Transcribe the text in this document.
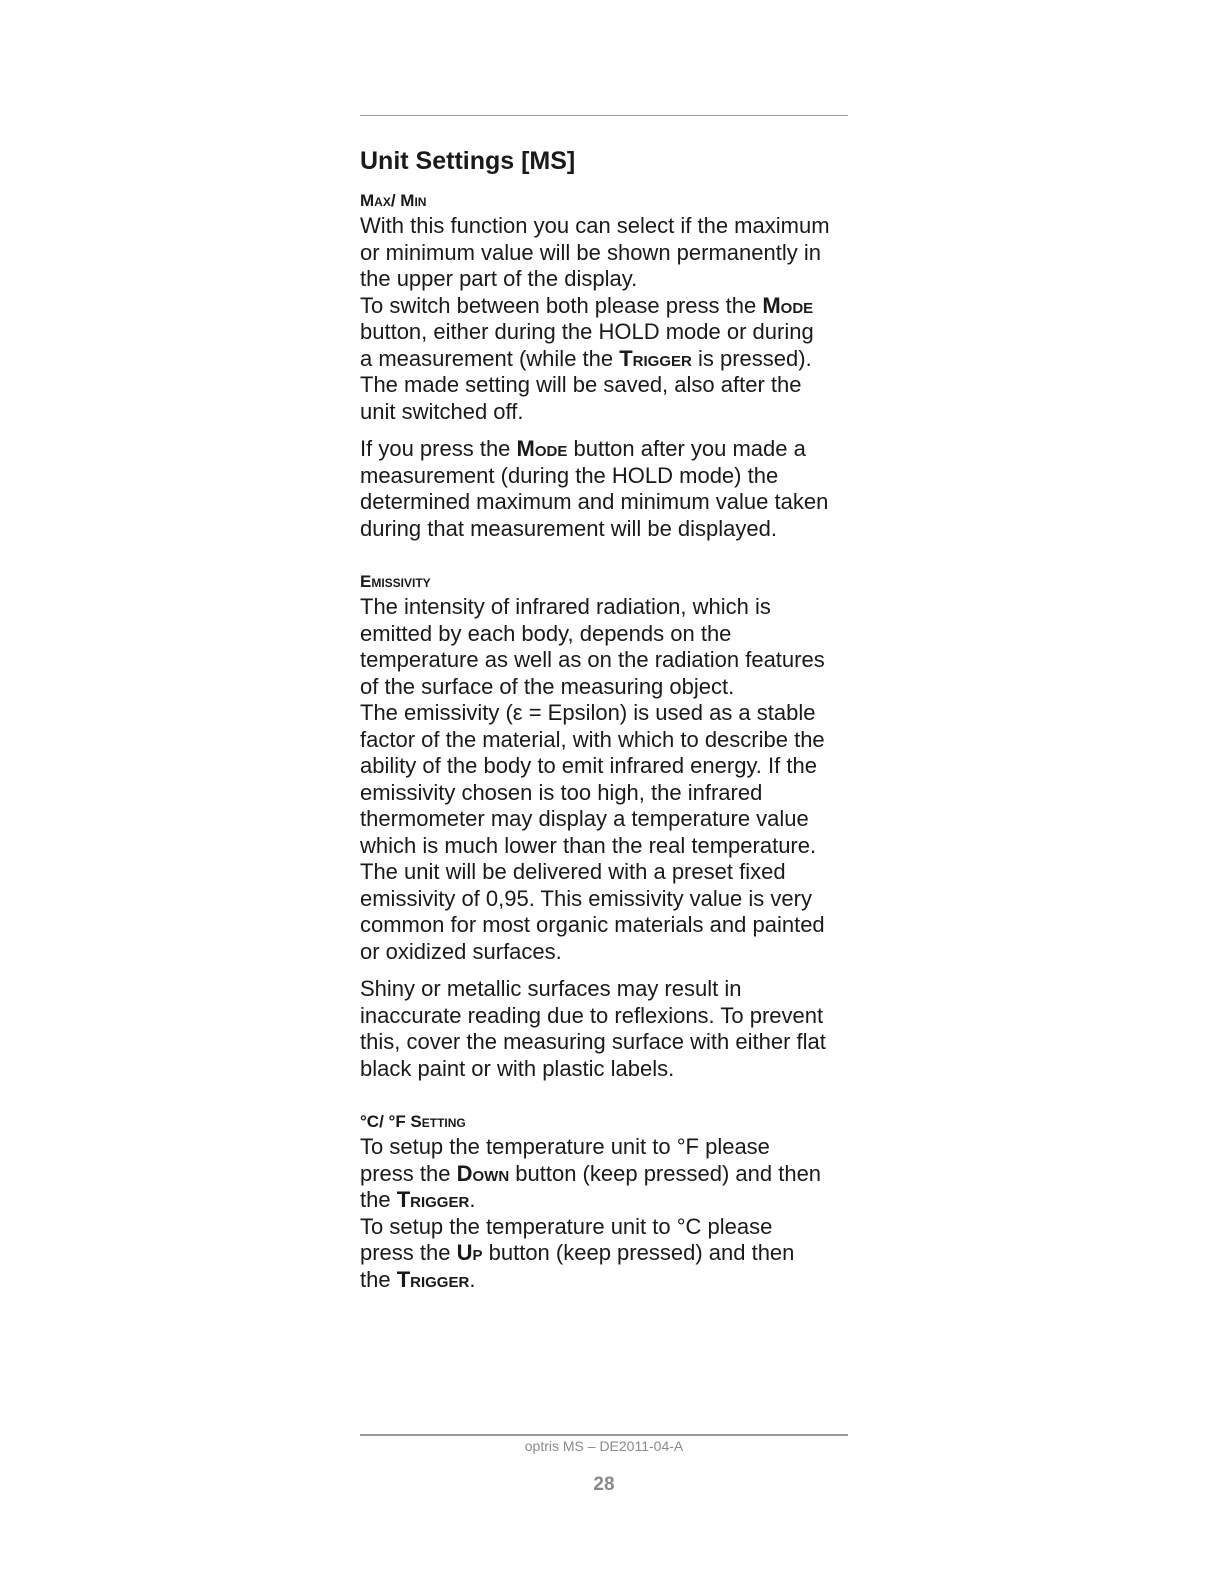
Unit Settings [MS]
Max/ Min
With this function you can select if the maximum
or minimum value will be shown permanently in
the upper part of the display.
To switch between both please press the Mode
button, either during the HOLD mode or during
a measurement (while the Trigger is pressed).
The made setting will be saved, also after the
unit switched off.
If you press the Mode button after you made a
measurement (during the HOLD mode) the
determined maximum and minimum value taken
during that measurement will be displayed.
Emissivity
The intensity of infrared radiation, which is
emitted by each body, depends on the
temperature as well as on the radiation features
of the surface of the measuring object.
The emissivity (ε = Epsilon) is used as a stable
factor of the material, with which to describe the
ability of the body to emit infrared energy. If the
emissivity chosen is too high, the infrared
thermometer may display a temperature value
which is much lower than the real temperature.
The unit will be delivered with a preset fixed
emissivity of 0,95. This emissivity value is very
common for most organic materials and painted
or oxidized surfaces.
Shiny or metallic surfaces may result in
inaccurate reading due to reflexions. To prevent
this, cover the measuring surface with either flat
black paint or with plastic labels.
°C/ °F Setting
To setup the temperature unit to °F please
press the Down button (keep pressed) and then
the Trigger.
To setup the temperature unit to °C please
press the Up button (keep pressed) and then
the Trigger.
optris MS – DE2011-04-A
28
